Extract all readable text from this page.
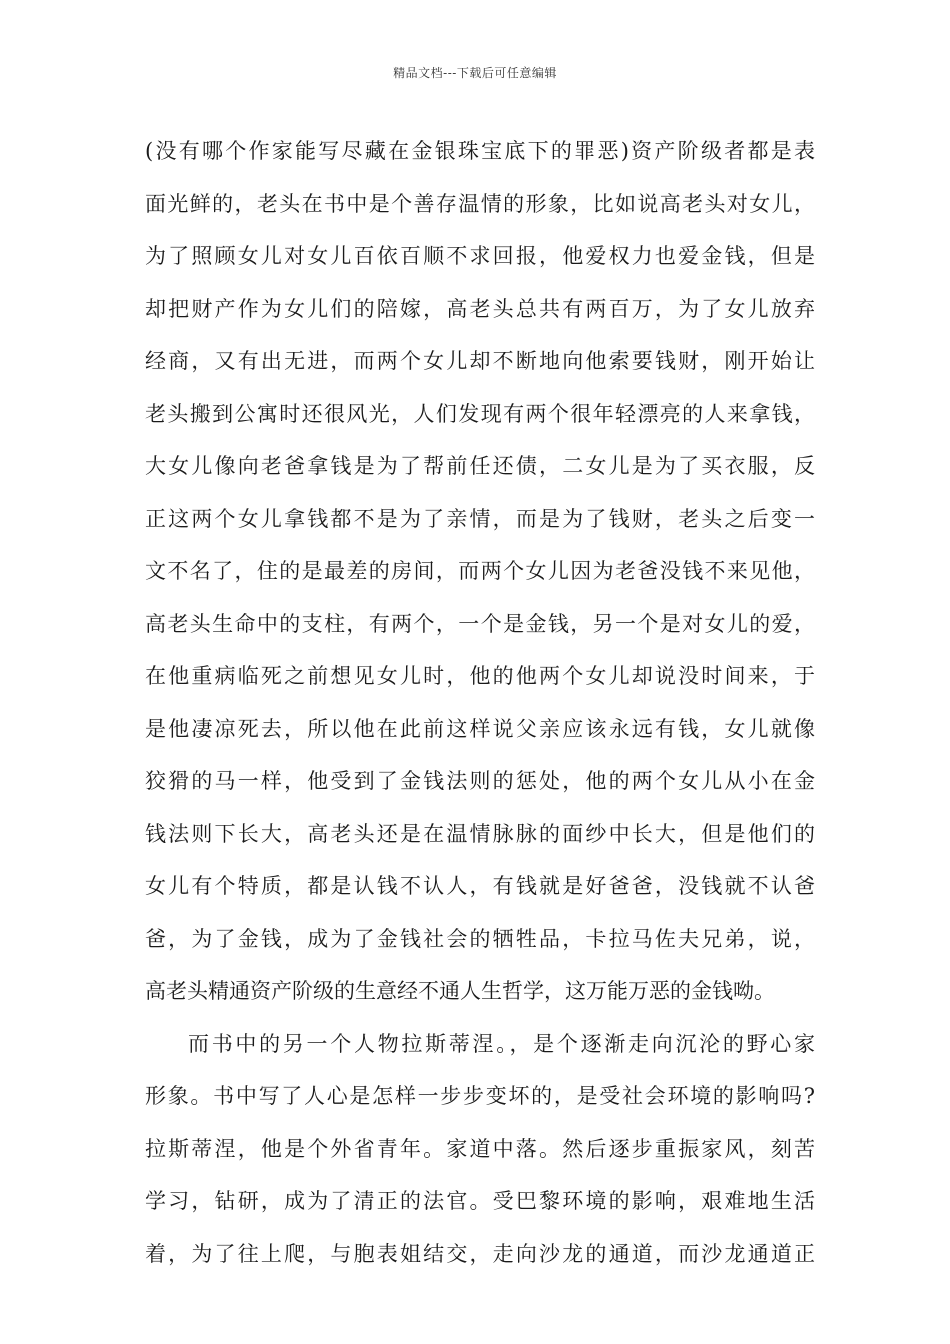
精品文档---下载后可任意编辑
(没有哪个作家能写尽藏在金银珠宝底下的罪恶)资产阶级者都是表
面光鲜的，老头在书中是个善存温情的形象，比如说高老头对女儿，
为了照顾女儿对女儿百依百顺不求回报，他爱权力也爱金钱，但是
却把财产作为女儿们的陪嫁，高老头总共有两百万，为了女儿放弃
经商，又有出无进，而两个女儿却不断地向他索要钱财，刚开始让
老头搬到公寓时还很风光，人们发现有两个很年轻漂亮的人来拿钱，
大女儿像向老爸拿钱是为了帮前任还债，二女儿是为了买衣服，反
正这两个女儿拿钱都不是为了亲情，而是为了钱财，老头之后变一
文不名了，住的是最差的房间，而两个女儿因为老爸没钱不来见他，
高老头生命中的支柱，有两个，一个是金钱，另一个是对女儿的爱，
在他重病临死之前想见女儿时，他的他两个女儿却说没时间来，于
是他凄凉死去，所以他在此前这样说父亲应该永远有钱，女儿就像
狡猾的马一样，他受到了金钱法则的惩处，他的两个女儿从小在金
钱法则下长大，高老头还是在温情脉脉的面纱中长大，但是他们的
女儿有个特质，都是认钱不认人，有钱就是好爸爸，没钱就不认爸
爸，为了金钱，成为了金钱社会的牺牲品，卡拉马佐夫兄弟，说，
高老头精通资产阶级的生意经不通人生哲学，这万能万恶的金钱呦。
而书中的另一个人物拉斯蒂涅。，是个逐渐走向沉沦的野心家
形象。书中写了人心是怎样一步步变坏的，是受社会环境的影响吗?
拉斯蒂涅，他是个外省青年。家道中落。然后逐步重振家风，刻苦
学习，钻研，成为了清正的法官。受巴黎环境的影响，艰难地生活
着，为了往上爬，与胞表姐结交，走向沙龙的通道，而沙龙通道正
